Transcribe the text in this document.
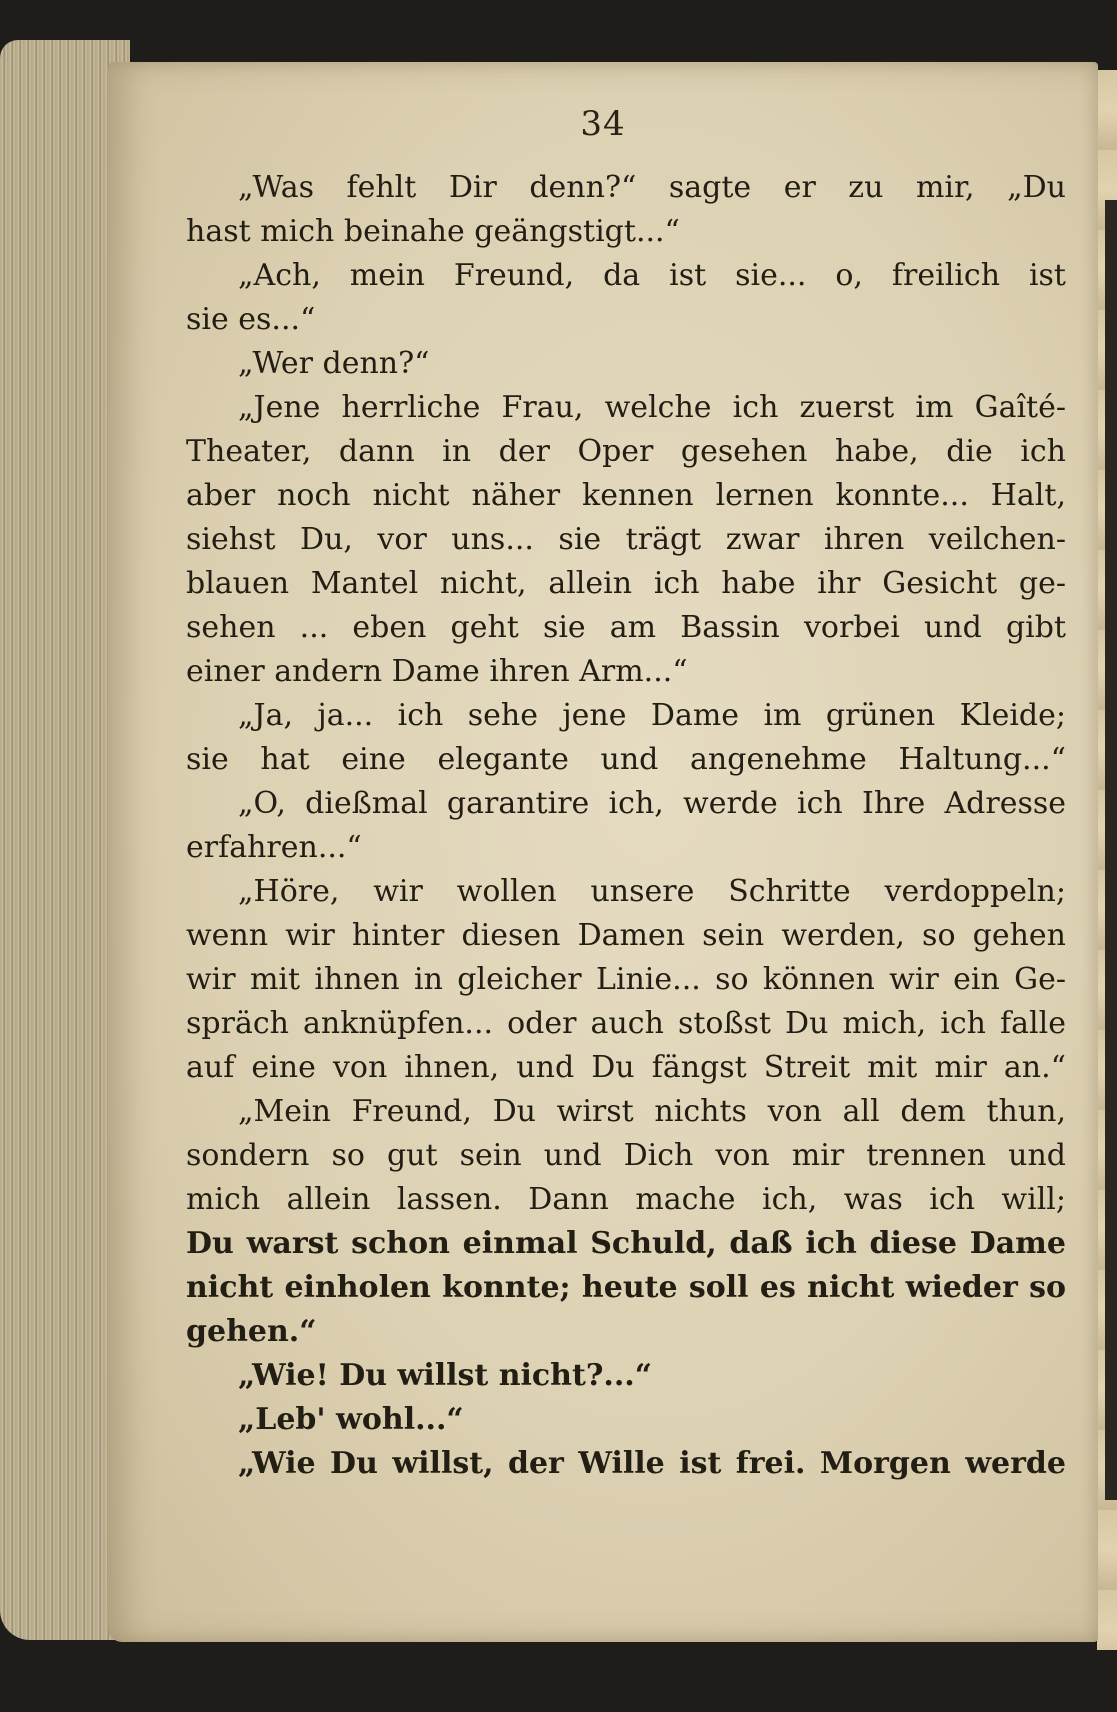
34
„Was fehlt Dir denn?“ sagte er zu mir, „Du
hast mich beinahe geängstigt...“
„Ach, mein Freund, da ist sie... o, freilich ist
sie es...“
„Wer denn?“
„Jene herrliche Frau, welche ich zuerst im Gaîté-
Theater, dann in der Oper gesehen habe, die ich
aber noch nicht näher kennen lernen konnte... Halt,
siehst Du, vor uns... sie trägt zwar ihren veilchen-
blauen Mantel nicht, allein ich habe ihr Gesicht ge-
sehen ... eben geht sie am Bassin vorbei und gibt
einer andern Dame ihren Arm...“
„Ja, ja... ich sehe jene Dame im grünen Kleide;
sie hat eine elegante und angenehme Haltung...“
„O, dießmal garantire ich, werde ich Ihre Adresse
erfahren...“
„Höre, wir wollen unsere Schritte verdoppeln;
wenn wir hinter diesen Damen sein werden, so gehen
wir mit ihnen in gleicher Linie... so können wir ein Ge-
spräch anknüpfen... oder auch stoßst Du mich, ich falle
auf eine von ihnen, und Du fängst Streit mit mir an.“
„Mein Freund, Du wirst nichts von all dem thun,
sondern so gut sein und Dich von mir trennen und
mich allein lassen. Dann mache ich, was ich will;
Du warst schon einmal Schuld, daß ich diese Dame
nicht einholen konnte; heute soll es nicht wieder so
gehen.“
„Wie! Du willst nicht?...“
„Leb' wohl...“
„Wie Du willst, der Wille ist frei. Morgen werde
